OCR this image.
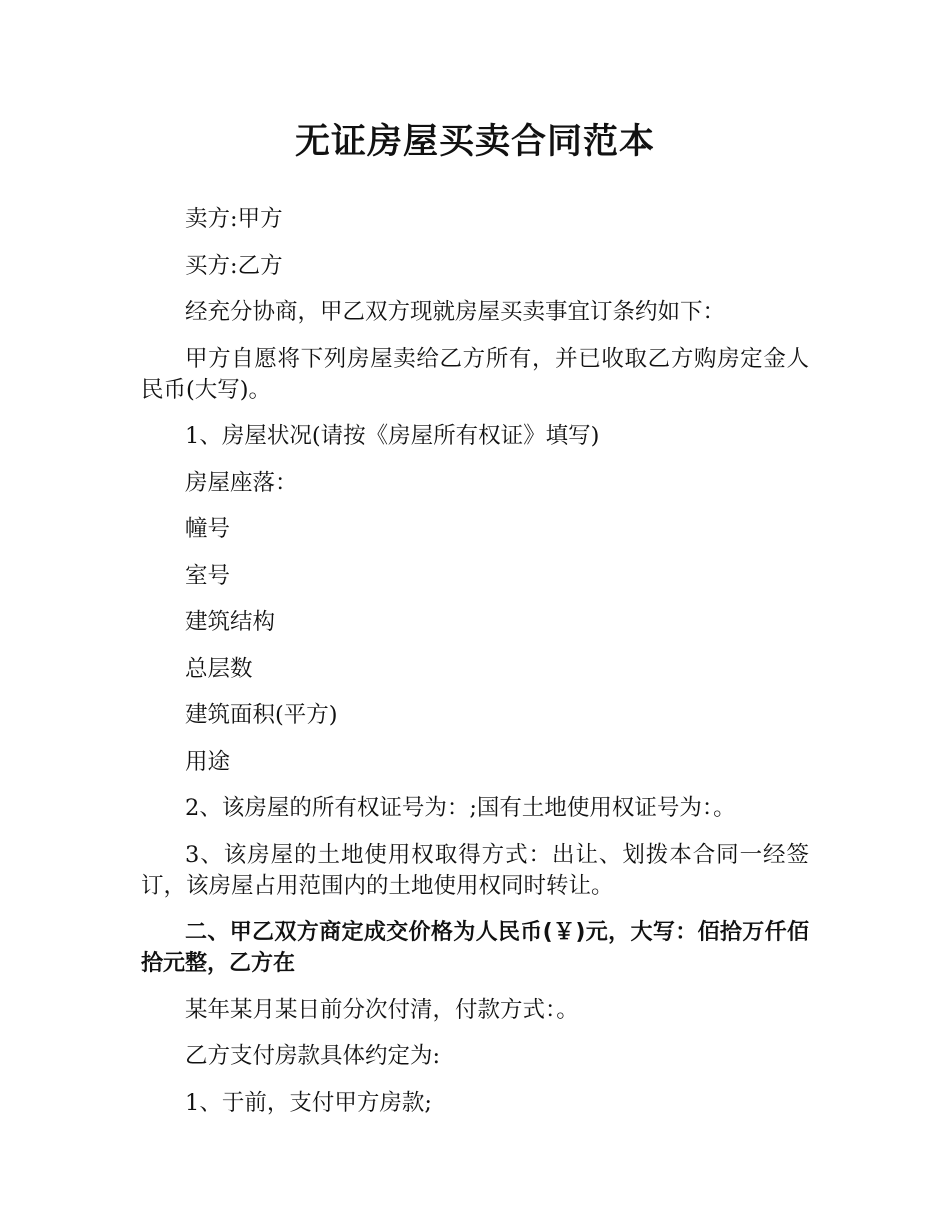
无证房屋买卖合同范本

卖方:甲方

买方:乙方

经充分协商，甲乙双方现就房屋买卖事宜订条约如下：

甲方自愿将下列房屋卖给乙方所有，并已收取乙方购房定金人民币(大写)。

1、房屋状况(请按《房屋所有权证》填写)

房屋座落：

幢号

室号

建筑结构

总层数

建筑面积(平方)

用途

2、该房屋的所有权证号为：;国有土地使用权证号为：。

3、该房屋的土地使用权取得方式：出让、划拨本合同一经签订，该房屋占用范围内的土地使用权同时转让。

二、甲乙双方商定成交价格为人民币(￥)元，大写：佰拾万仟佰拾元整，乙方在

某年某月某日前分次付清，付款方式：。

乙方支付房款具体约定为:

1、于前，支付甲方房款;
